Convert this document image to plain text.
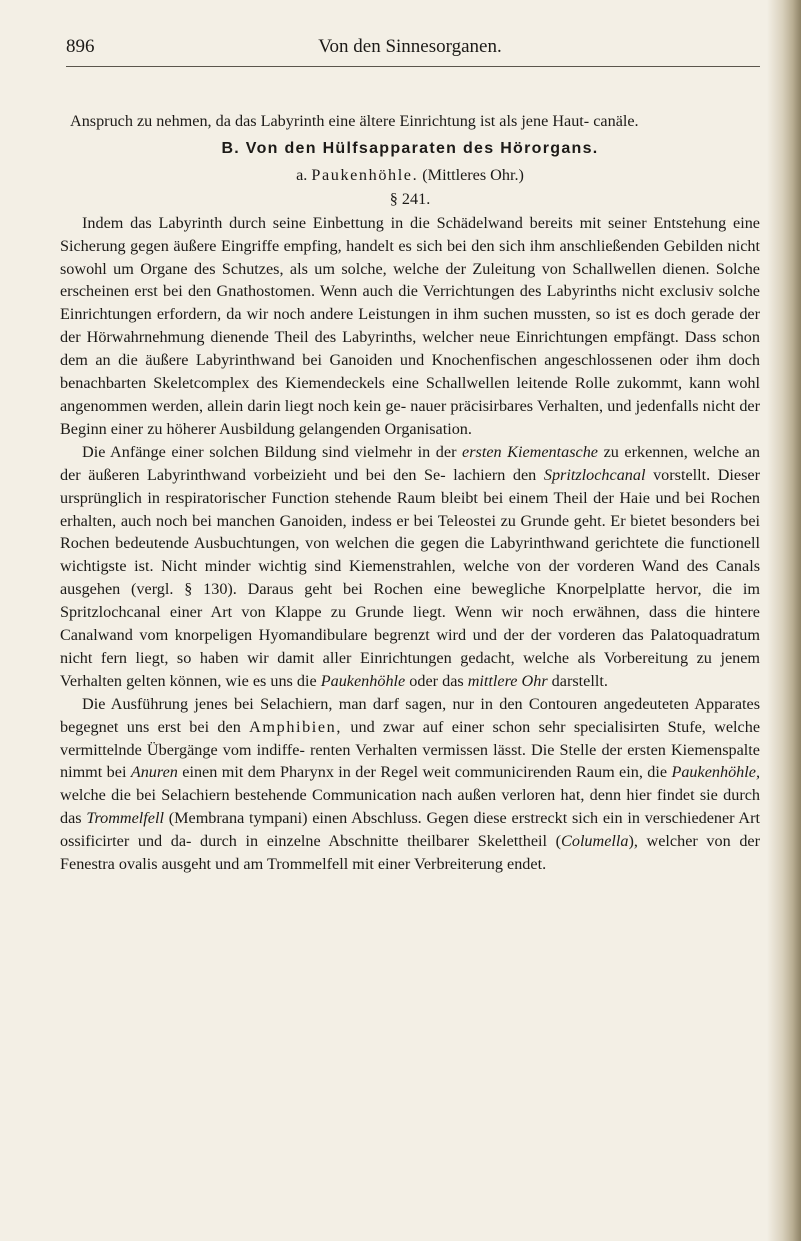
896	Von den Sinnesorganen.

Anspruch zu nehmen, da das Labyrinth eine ältere Einrichtung ist als jene Haut- canäle.

B. Von den Hülfsapparaten des Hörorgans.
a. Paukenhöhle. (Mittleres Ohr.)
§ 241.

Indem das Labyrinth durch seine Einbettung in die Schädelwand bereits mit seiner Entstehung eine Sicherung gegen äußere Eingriffe empfing, handelt es sich bei den sich ihm anschließenden Gebilden nicht sowohl um Organe des Schutzes, als um solche, welche der Zuleitung von Schallwellen dienen. Solche erscheinen erst bei den Gnathostomen. Wenn auch die Verrichtungen des Labyrinths nicht exclusiv solche Einrichtungen erfordern, da wir noch andere Leistungen in ihm suchen mussten, so ist es doch gerade der der Hörwahrnehmung dienende Theil des Labyrinths, welcher neue Einrichtungen empfängt. Dass schon dem an die äußere Labyrinthwand bei Ganoiden und Knochenfischen angeschlossenen oder ihm doch benachbarten Skeletcomplex des Kiemendeckels eine Schallwellen leitende Rolle zukommt, kann wohl angenommen werden, allein darin liegt noch kein ge- nauer präcisirbares Verhalten, und jedenfalls nicht der Beginn einer zu höherer Ausbildung gelangenden Organisation.

Die Anfänge einer solchen Bildung sind vielmehr in der ersten Kiementasche zu erkennen, welche an der äußeren Labyrinthwand vorbeizieht und bei den Se- lachiern den Spritzlochcanal vorstellt. Dieser ursprünglich in respiratorischer Function stehende Raum bleibt bei einem Theil der Haie und bei Rochen erhalten, auch noch bei manchen Ganoiden, indess er bei Teleostei zu Grunde geht. Er bietet besonders bei Rochen bedeutende Ausbuchtungen, von welchen die gegen die Labyrinthwand gerichtete die functionell wichtigste ist. Nicht minder wichtig sind Kiemenstrahlen, welche von der vorderen Wand des Canals ausgehen (vergl. § 130). Daraus geht bei Rochen eine bewegliche Knorpelplatte hervor, die im Spritzlochcanal einer Art von Klappe zu Grunde liegt. Wenn wir noch erwähnen, dass die hintere Canalwand vom knorpeligen Hyomandibulare begrenzt wird und der der vorderen das Palatoquadratum nicht fern liegt, so haben wir damit aller Einrichtungen gedacht, welche als Vorbereitung zu jenem Verhalten gelten können, wie es uns die Paukenhöhle oder das mittlere Ohr darstellt.

Die Ausführung jenes bei Selachiern, man darf sagen, nur in den Contouren angedeuteten Apparates begegnet uns erst bei den Amphibien, und zwar auf einer schon sehr specialisirten Stufe, welche vermittelnde Übergänge vom indiffe- renten Verhalten vermissen lässt. Die Stelle der ersten Kiemenspalte nimmt bei Anuren einen mit dem Pharynx in der Regel weit communicirenden Raum ein, die Paukenhöhle, welche die bei Selachiern bestehende Communication nach außen verloren hat, denn hier findet sie durch das Trommelfell (Membrana tympani) einen Abschluss. Gegen diese erstreckt sich ein in verschiedener Art ossificirter und da- durch in einzelne Abschnitte theilbarer Skelettheil (Columella), welcher von der Fenestra ovalis ausgeht und am Trommelfell mit einer Verbreiterung endet.
